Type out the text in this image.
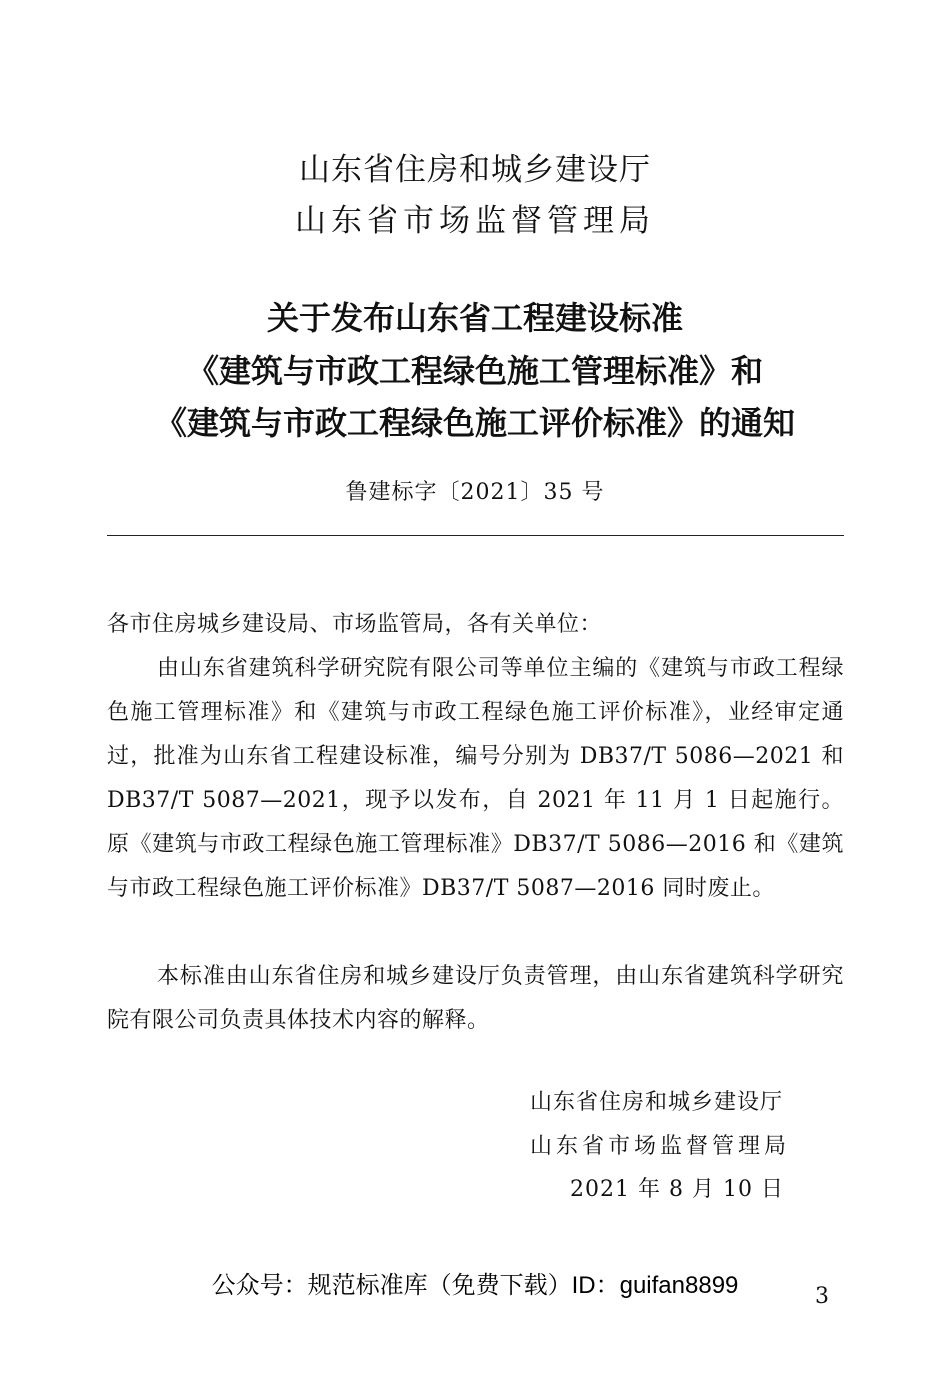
山东省住房和城乡建设厅
山东省市场监督管理局
关于发布山东省工程建设标准
《建筑与市政工程绿色施工管理标准》和
《建筑与市政工程绿色施工评价标准》的通知
鲁建标字〔2021〕35 号
各市住房城乡建设局、市场监管局，各有关单位：
由山东省建筑科学研究院有限公司等单位主编的《建筑与市政工程绿色施工管理标准》和《建筑与市政工程绿色施工评价标准》，业经审定通过，批准为山东省工程建设标准，编号分别为 DB37/T 5086—2021 和 DB37/T 5087—2021，现予以发布，自 2021 年 11 月 1 日起施行。原《建筑与市政工程绿色施工管理标准》DB37/T 5086—2016 和《建筑与市政工程绿色施工评价标准》DB37/T 5087—2016 同时废止。
本标准由山东省住房和城乡建设厅负责管理，由山东省建筑科学研究院有限公司负责具体技术内容的解释。
山东省住房和城乡建设厅
山东省市场监督管理局
2021 年 8 月 10 日
公众号：规范标准库（免费下载）ID：guifan8899	3
